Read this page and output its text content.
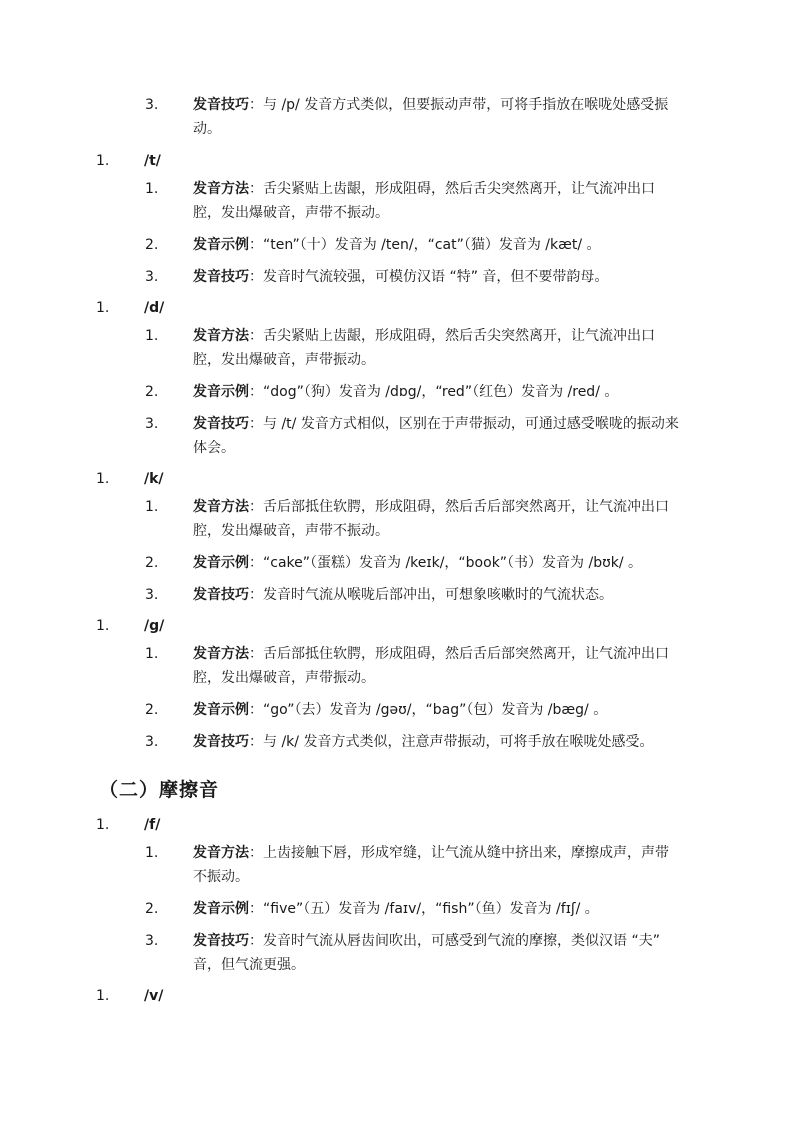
（二）摩擦音
3.	发音技巧：与 /p/ 发音方式类似，但要振动声带，可将手指放在喉咙处感受振
动。
1.	/t/
1.	发音方法：舌尖紧贴上齿龈，形成阻碍，然后舌尖突然离开，让气流冲出口
腔，发出爆破音，声带不振动。
2.	发音示例：“ten”（十）发音为 /ten/，“cat”（猫）发音为 /kæt/ 。
3.	发音技巧：发音时气流较强，可模仿汉语 “特” 音，但不要带韵母。
1.	/d/
1.	发音方法：舌尖紧贴上齿龈，形成阻碍，然后舌尖突然离开，让气流冲出口
腔，发出爆破音，声带振动。
2.	发音示例：“dog”（狗）发音为 /dɒg/，“red”（红色）发音为 /red/ 。
3.	发音技巧：与 /t/ 发音方式相似，区别在于声带振动，可通过感受喉咙的振动来
体会。
1.	/k/
1.	发音方法：舌后部抵住软腭，形成阻碍，然后舌后部突然离开，让气流冲出口
腔，发出爆破音，声带不振动。
2.	发音示例：“cake”（蛋糕）发音为 /keɪk/，“book”（书）发音为 /bʊk/ 。
3.	发音技巧：发音时气流从喉咙后部冲出，可想象咳嗽时的气流状态。
1.	/g/
1.	发音方法：舌后部抵住软腭，形成阻碍，然后舌后部突然离开，让气流冲出口
腔，发出爆破音，声带振动。
2.	发音示例：“go”（去）发音为 /gəʊ/，“bag”（包）发音为 /bæg/ 。
3.	发音技巧：与 /k/ 发音方式类似，注意声带振动，可将手放在喉咙处感受。
1.	/f/
1.	发音方法：上齿接触下唇，形成窄缝，让气流从缝中挤出来，摩擦成声，声带
不振动。
2.	发音示例：“five”（五）发音为 /faɪv/，“fish”（鱼）发音为 /fɪʃ/ 。
3.	发音技巧：发音时气流从唇齿间吹出，可感受到气流的摩擦，类似汉语 “夫”
音，但气流更强。
1.	/v/
